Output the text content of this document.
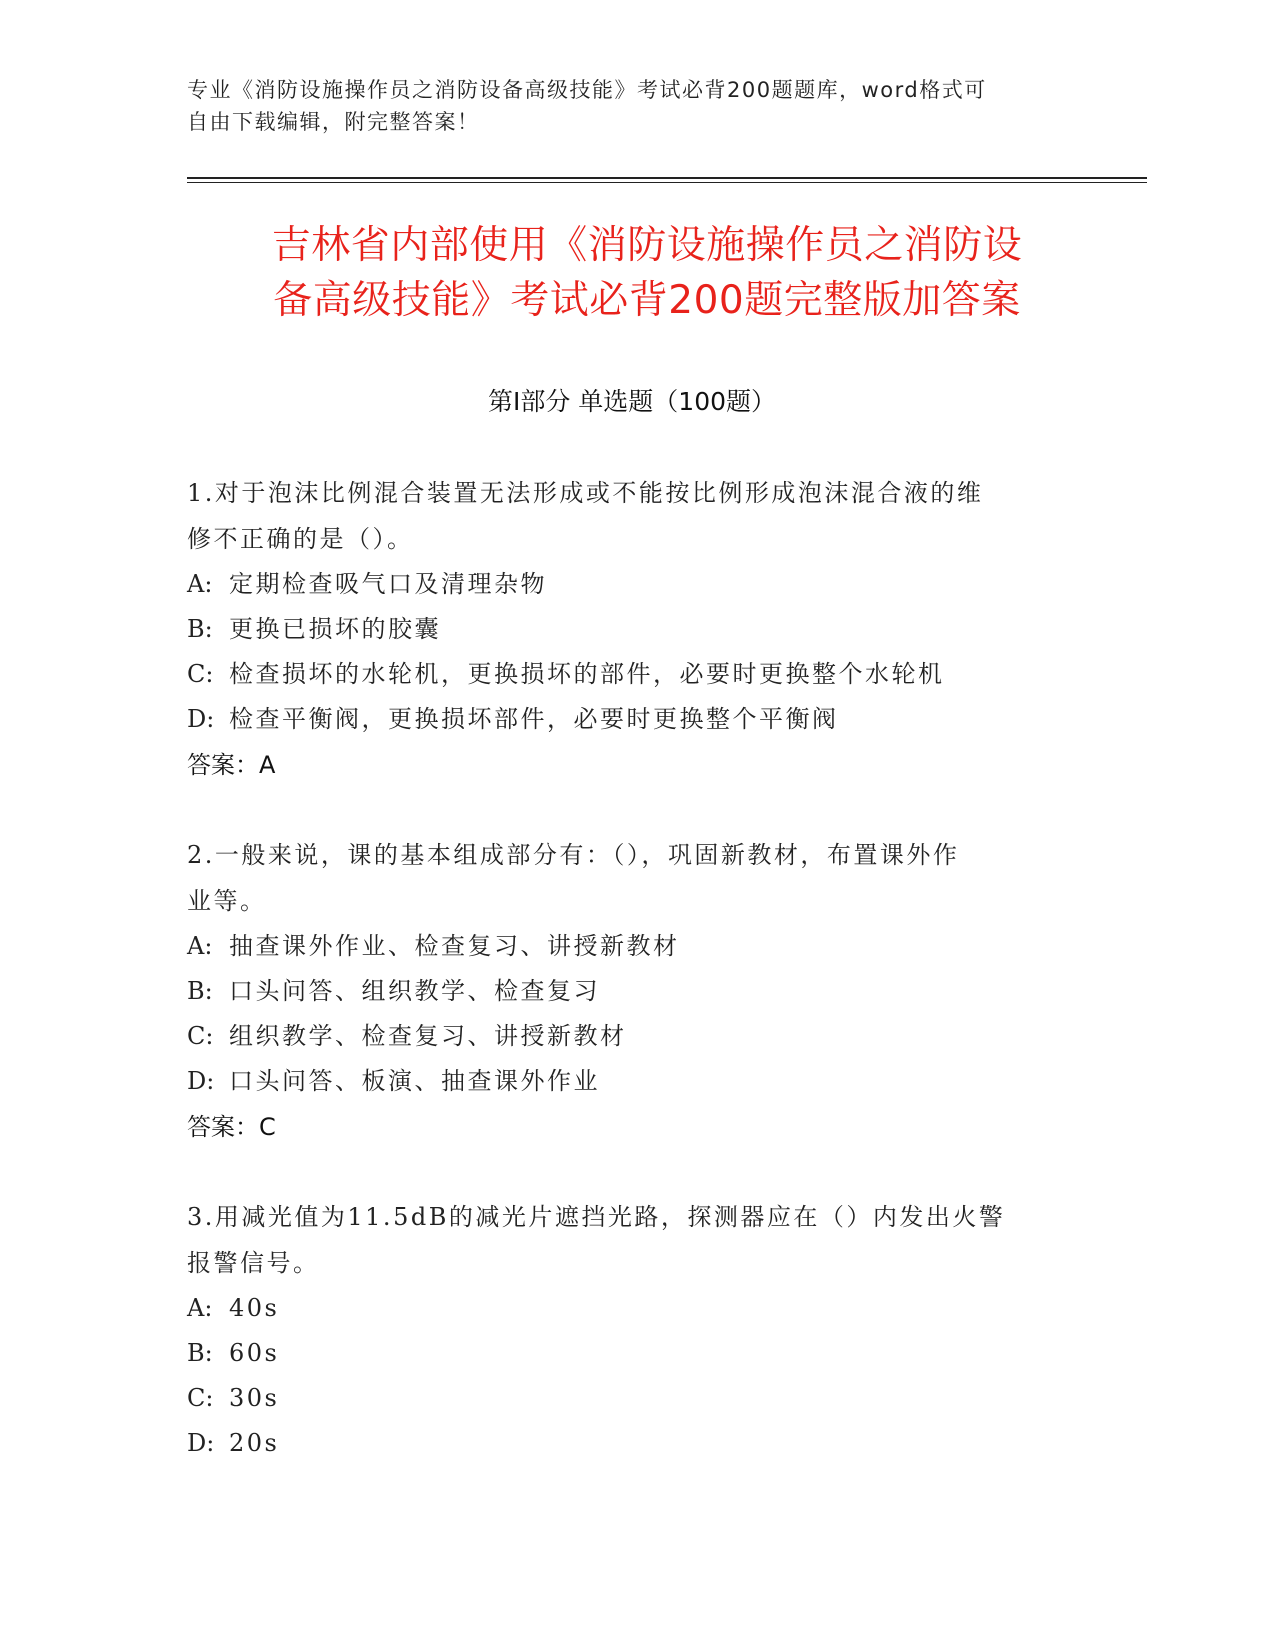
专业《消防设施操作员之消防设备高级技能》考试必背200题题库，word格式可
自由下载编辑，附完整答案！
吉林省内部使用《消防设施操作员之消防设
备高级技能》考试必背200题完整版加答案
第Ⅰ部分 单选题（100题）
1.对于泡沫比例混合装置无法形成或不能按比例形成泡沫混合液的维
修不正确的是（）。
A: 定期检查吸气口及清理杂物
B: 更换已损坏的胶囊
C: 检查损坏的水轮机，更换损坏的部件，必要时更换整个水轮机
D: 检查平衡阀，更换损坏部件，必要时更换整个平衡阀
答案：A
2.一般来说，课的基本组成部分有：（），巩固新教材，布置课外作
业等。
A: 抽查课外作业、检查复习、讲授新教材
B: 口头问答、组织教学、检查复习
C: 组织教学、检查复习、讲授新教材
D: 口头问答、板演、抽查课外作业
答案：C
3.用减光值为11.5dB的减光片遮挡光路，探测器应在（）内发出火警
报警信号。
A: 40s
B: 60s
C: 30s
D: 20s
